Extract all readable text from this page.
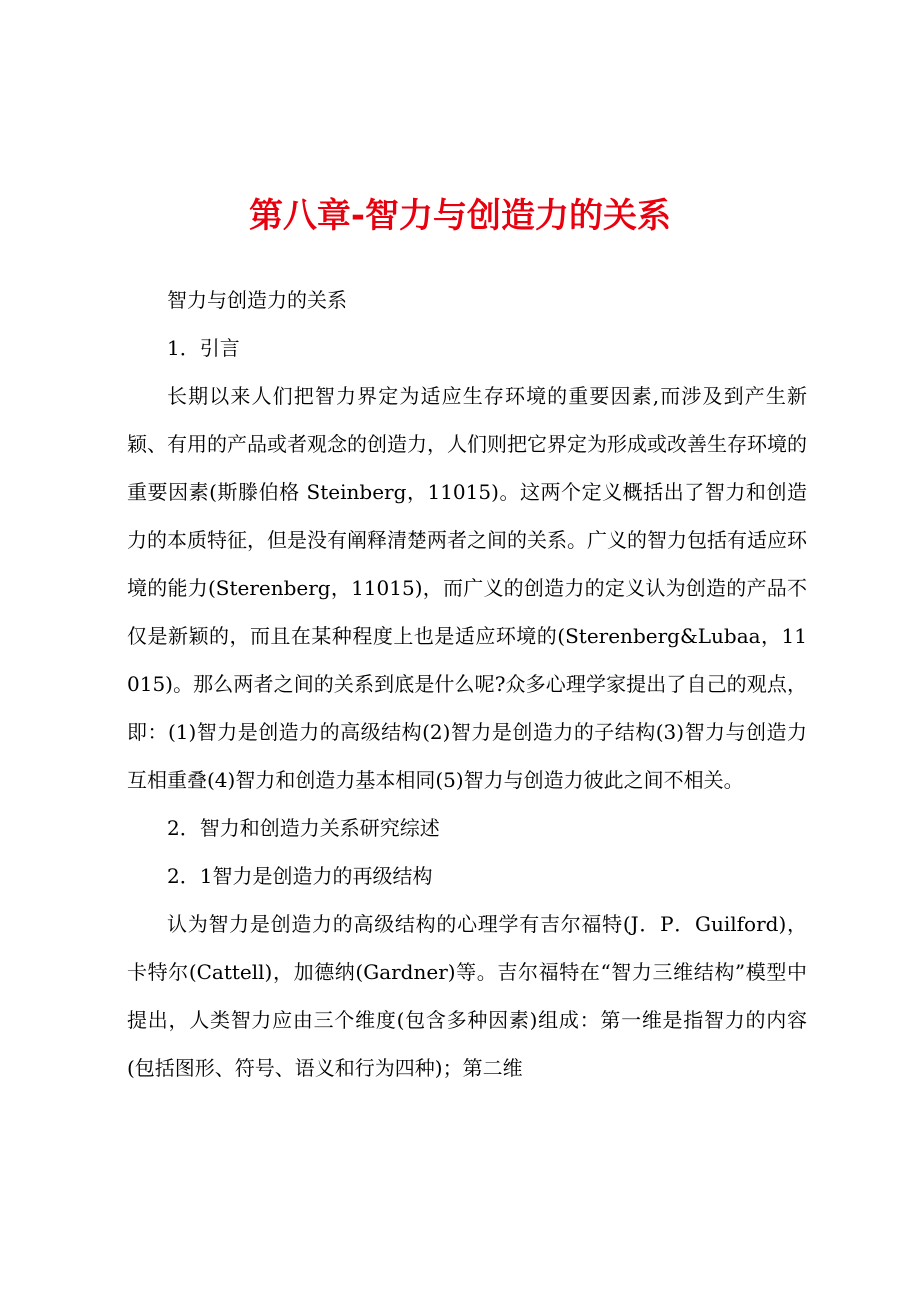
第八章-智力与创造力的关系

智力与创造力的关系

1．引言

长期以来人们把智力界定为适应生存环境的重要因素,而涉及到产生新颖、有用的产品或者观念的创造力，人们则把它界定为形成或改善生存环境的重要因素(斯滕伯格 Steinberg，11015)。这两个定义概括出了智力和创造力的本质特征，但是没有阐释清楚两者之间的关系。广义的智力包括有适应环境的能力(Sterenberg，11015)，而广义的创造力的定义认为创造的产品不仅是新颖的，而且在某种程度上也是适应环境的(Sterenberg&Lubaa，11015)。那么两者之间的关系到底是什么呢?众多心理学家提出了自己的观点，即：(1)智力是创造力的高级结构(2)智力是创造力的子结构(3)智力与创造力互相重叠(4)智力和创造力基本相同(5)智力与创造力彼此之间不相关。

2．智力和创造力关系研究综述

2．1智力是创造力的再级结构

认为智力是创造力的高级结构的心理学有吉尔福特(J．P．Guilford)，卡特尔(Cattell)，加德纳(Gardner)等。吉尔福特在“智力三维结构”模型中提出，人类智力应由三个维度(包含多种因素)组成：第一维是指智力的内容(包括图形、符号、语义和行为四种)；第二维
